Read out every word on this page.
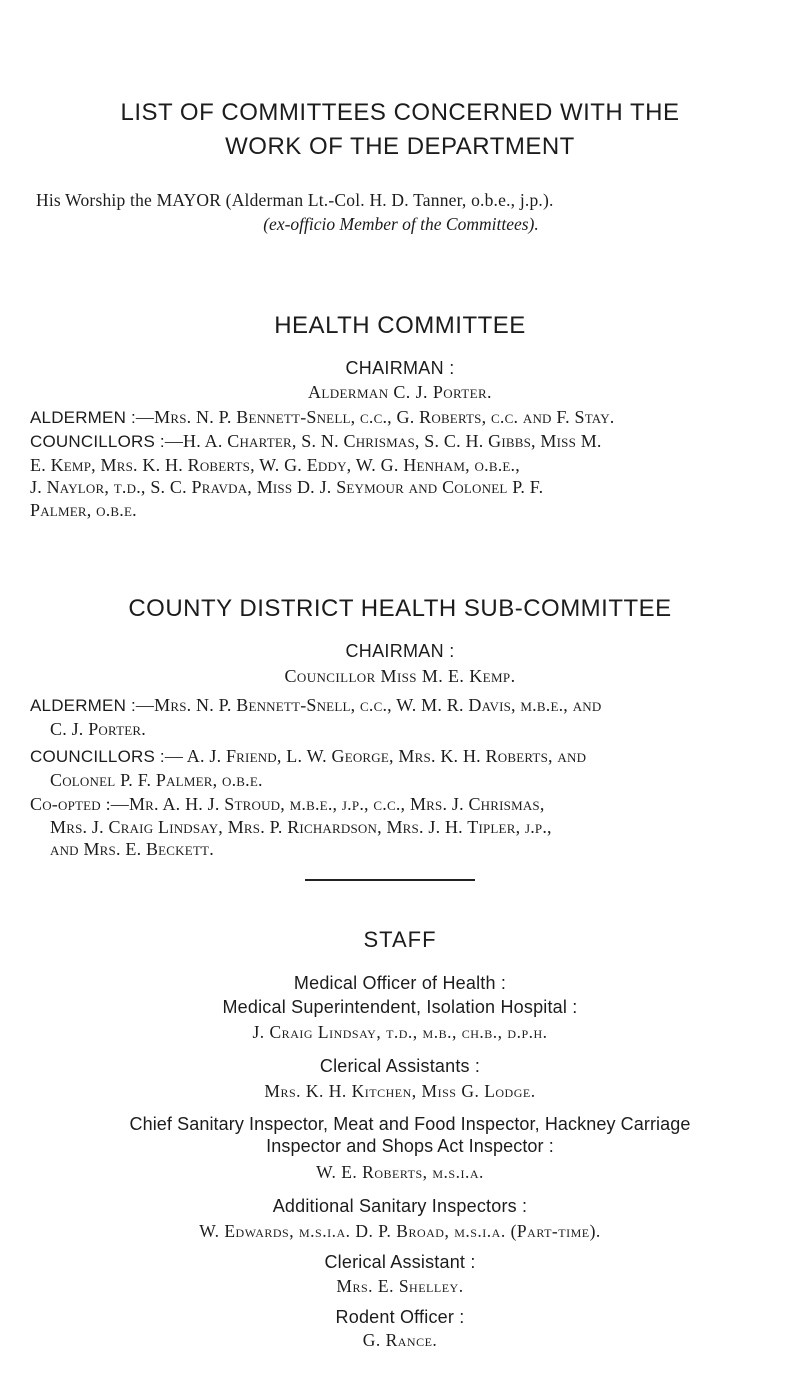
LIST OF COMMITTEES CONCERNED WITH THE
WORK OF THE DEPARTMENT
His Worship the MAYOR (Alderman Lt.-Col. H. D. Tanner, o.b.e., j.p.).
(ex-officio Member of the Committees).
HEALTH COMMITTEE
CHAIRMAN :
Alderman C. J. Porter.
ALDERMEN :—Mrs. N. P. Bennett-Snell, c.c., G. Roberts, c.c. and F. Stay.
COUNCILLORS :—H. A. Charter, S. N. Chrismas, S. C. H. Gibbs, Miss M.
E. Kemp, Mrs. K. H. Roberts, W. G. Eddy, W. G. Henham, o.b.e.,
J. Naylor, t.d., S. C. Pravda, Miss D. J. Seymour and Colonel P. F.
Palmer, o.b.e.
COUNTY DISTRICT HEALTH SUB-COMMITTEE
CHAIRMAN :
Councillor Miss M. E. Kemp.
ALDERMEN :—Mrs. N. P. Bennett-Snell, c.c., W. M. R. Davis, m.b.e., and
C. J. Porter.
COUNCILLORS :— A. J. Friend, L. W. George, Mrs. K. H. Roberts, and
Colonel P. F. Palmer, o.b.e.
Co-opted :—Mr. A. H. J. Stroud, m.b.e., j.p., c.c., Mrs. J. Chrismas,
Mrs. J. Craig Lindsay, Mrs. P. Richardson, Mrs. J. H. Tipler, j.p.,
and Mrs. E. Beckett.
STAFF
Medical Officer of Health :
Medical Superintendent, Isolation Hospital :
J. Craig Lindsay, t.d., m.b., ch.b., d.p.h.
Clerical Assistants :
Mrs. K. H. Kitchen, Miss G. Lodge.
Chief Sanitary Inspector, Meat and Food Inspector, Hackney Carriage
Inspector and Shops Act Inspector :
W. E. Roberts, m.s.i.a.
Additional Sanitary Inspectors :
W. Edwards, m.s.i.a. D. P. Broad, m.s.i.a. (Part-time).
Clerical Assistant :
Mrs. E. Shelley.
Rodent Officer :
G. Rance.
